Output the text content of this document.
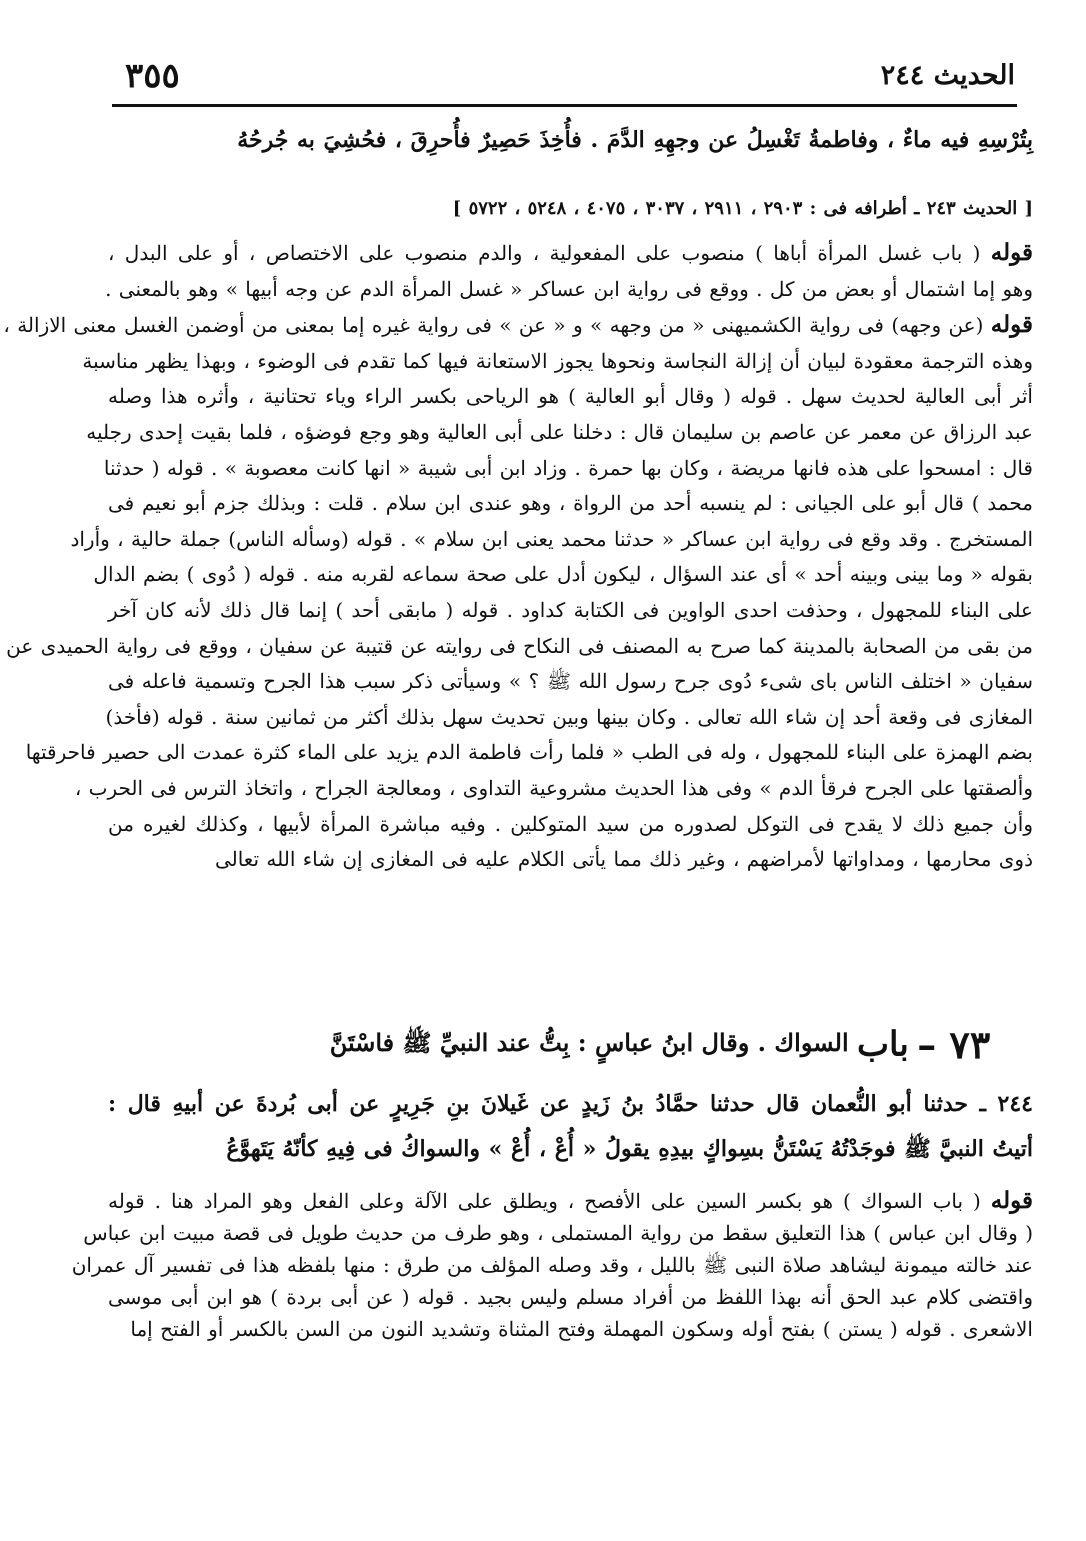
الحديث ٢٤٤
٣٥٥
بِتُرْسِهِ فيه ماءٌ ، وفاطمةُ تَغْسِلُ عن وجهِهِ الدَّمَ . فأُخِذَ حَصِيرٌ فأُحرِقَ ، فحُشِيَ به جُرحُهُ
[ الحديث ٢٤٣ ـ أطرافه فى : ٢٩٠٣ ، ٢٩١١ ، ٣٠٣٧ ، ٤٠٧٥ ، ٥٢٤٨ ، ٥٧٢٢ ]
قوله ( باب غسل المرأة أباها ) منصوب على المفعولية ، والدم منصوب على الاختصاص ، أو على البدل ،
وهو إما اشتمال أو بعض من كل . ووقع فى رواية ابن عساكر « غسل المرأة الدم عن وجه أبيها » وهو بالمعنى .
قوله (عن وجهه) فى رواية الكشميهنى « من وجهه » و « عن » فى رواية غيره إما بمعنى من أوضمن الغسل معنى الازالة ،
وهذه الترجمة معقودة لبيان أن إزالة النجاسة ونحوها يجوز الاستعانة فيها كما تقدم فى الوضوء ، وبهذا يظهر مناسبة
أثر أبى العالية لحديث سهل . قوله ( وقال أبو العالية ) هو الرياحى بكسر الراء وياء تحتانية ، وأثره هذا وصله
عبد الرزاق عن معمر عن عاصم بن سليمان قال : دخلنا على أبى العالية وهو وجع فوضؤه ، فلما بقيت إحدى رجليه
قال : امسحوا على هذه فانها مريضة ، وكان بها حمرة . وزاد ابن أبى شيبة « انها كانت معصوبة » . قوله ( حدثنا
محمد ) قال أبو على الجيانى : لم ينسبه أحد من الرواة ، وهو عندى ابن سلام . قلت : وبذلك جزم أبو نعيم فى
المستخرج . وقد وقع فى رواية ابن عساكر « حدثنا محمد يعنى ابن سلام » . قوله (وسأله الناس) جملة حالية ، وأراد
بقوله « وما بينى وبينه أحد » أى عند السؤال ، ليكون أدل على صحة سماعه لقربه منه . قوله ( دُوى ) بضم الدال
على البناء للمجهول ، وحذفت احدى الواوين فى الكتابة كداود . قوله ( مابقى أحد ) إنما قال ذلك لأنه كان آخر
من بقى من الصحابة بالمدينة كما صرح به المصنف فى النكاح فى روايته عن قتيبة عن سفيان ، ووقع فى رواية الحميدى عن
سفيان « اختلف الناس باى شىء دُوى جرح رسول الله ﷺ ؟ » وسيأتى ذكر سبب هذا الجرح وتسمية فاعله فى
المغازى فى وقعة أحد إن شاء الله تعالى . وكان بينها وبين تحديث سهل بذلك أكثر من ثمانين سنة . قوله (فأخذ)
بضم الهمزة على البناء للمجهول ، وله فى الطب « فلما رأت فاطمة الدم يزيد على الماء كثرة عمدت الى حصير فاحرقتها
وألصقتها على الجرح فرقأ الدم » وفى هذا الحديث مشروعية التداوى ، ومعالجة الجراح ، واتخاذ الترس فى الحرب ،
وأن جميع ذلك لا يقدح فى التوكل لصدوره من سيد المتوكلين . وفيه مباشرة المرأة لأبيها ، وكذلك لغيره من
ذوى محارمها ، ومداواتها لأمراضهم ، وغير ذلك مما يأتى الكلام عليه فى المغازى إن شاء الله تعالى
٧٣ – باب السواك . وقال ابنُ عباسٍ : بِتُّ عند النبيِّ ﷺ فاسْتَنَّ
٢٤٤ ـ حدثنا أبو النُّعمان قال حدثنا حمَّادُ بنُ زَيدٍ عن غَيلانَ بنِ جَرِيرٍ عن أبى بُردةَ عن أبيهِ قال :
أتيتُ النبيَّ ﷺ فوجَدْتُهُ يَسْتَنُّ بسِواكٍ بيدِهِ يقولُ « أُعْ ، أُعْ » والسواكُ فى فِيهِ كأنّهُ يَتَهوَّعُ
قوله ( باب السواك ) هو بكسر السين على الأفصح ، ويطلق على الآلة وعلى الفعل وهو المراد هنا . قوله
( وقال ابن عباس ) هذا التعليق سقط من رواية المستملى ، وهو طرف من حديث طويل فى قصة مبيت ابن عباس
عند خالته ميمونة ليشاهد صلاة النبى ﷺ بالليل ، وقد وصله المؤلف من طرق : منها بلفظه هذا فى تفسير آل عمران
واقتضى كلام عبد الحق أنه بهذا اللفظ من أفراد مسلم وليس بجيد . قوله ( عن أبى بردة ) هو ابن أبى موسى
الاشعرى . قوله ( يستن ) بفتح أوله وسكون المهملة وفتح المثناة وتشديد النون من السن بالكسر أو الفتح إما
